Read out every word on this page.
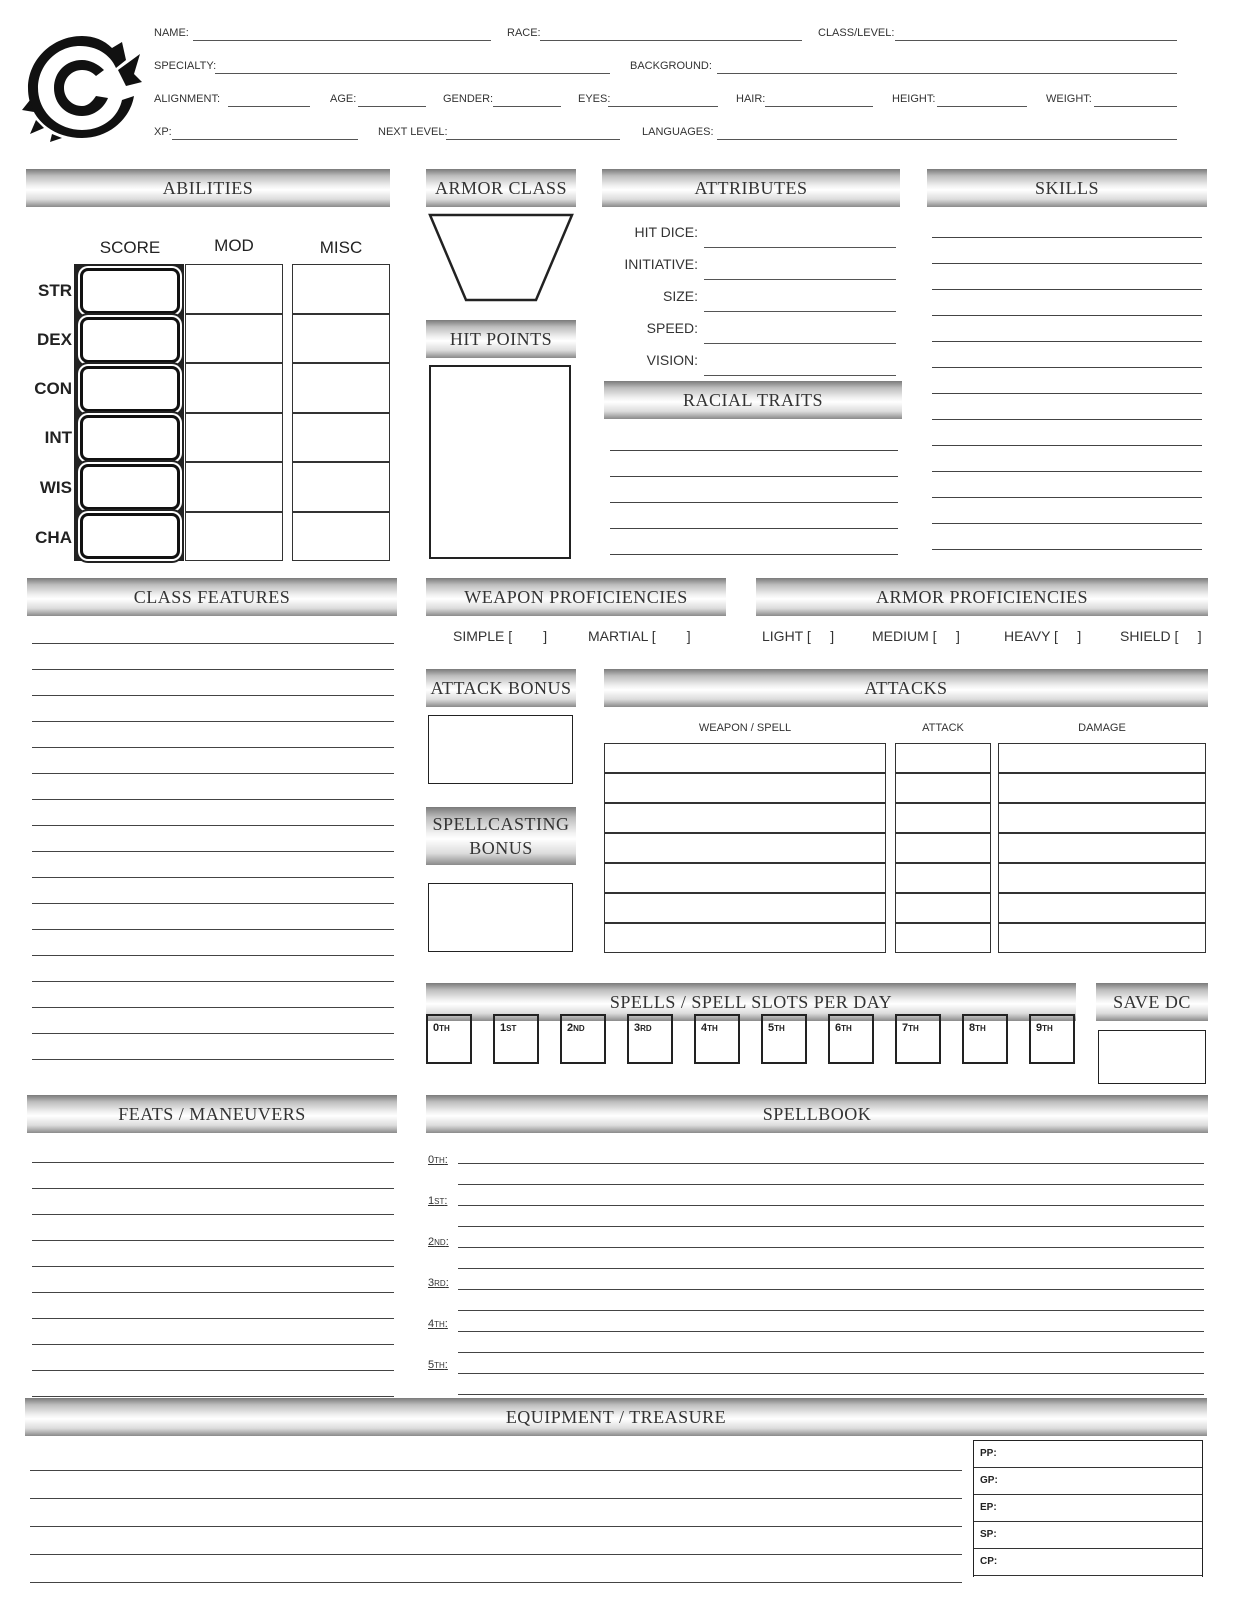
NAME:	RACE:	CLASS/LEVEL:
SPECIALTY:	BACKGROUND:
ALIGNMENT:	AGE:	GENDER:	EYES:	HAIR:	HEIGHT:	WEIGHT:
XP:	NEXT LEVEL:	LANGUAGES:
ABILITIES
SCORE	MOD	MISC
STR
DEX
CON
INT
WIS
CHA
ARMOR CLASS
HIT POINTS
ATTRIBUTES
HIT DICE:
INITIATIVE:
SIZE:
SPEED:
VISION:
RACIAL TRAITS
SKILLS
CLASS FEATURES	WEAPON PROFICIENCIES
SIMPLE [        ]	MARTIAL [        ]
ARMOR PROFICIENCIES
LIGHT [     ]	MEDIUM [     ]	HEAVY [     ]	SHIELD [     ]
ATTACK BONUS
SPELLCASTING BONUS
ATTACKS
WEAPON / SPELL	ATTACK	DAMAGE
SPELLS / SPELL SLOTS PER DAY	SAVE DC
0TH	1ST	2ND	3RD	4TH	5TH	6TH	7TH	8TH	9TH
FEATS / MANEUVERS	SPELLBOOK
0TH:
1ST:
2ND:
3RD:
4TH:
5TH:
EQUIPMENT / TREASURE
PP:
GP:
EP:
SP:
CP:
